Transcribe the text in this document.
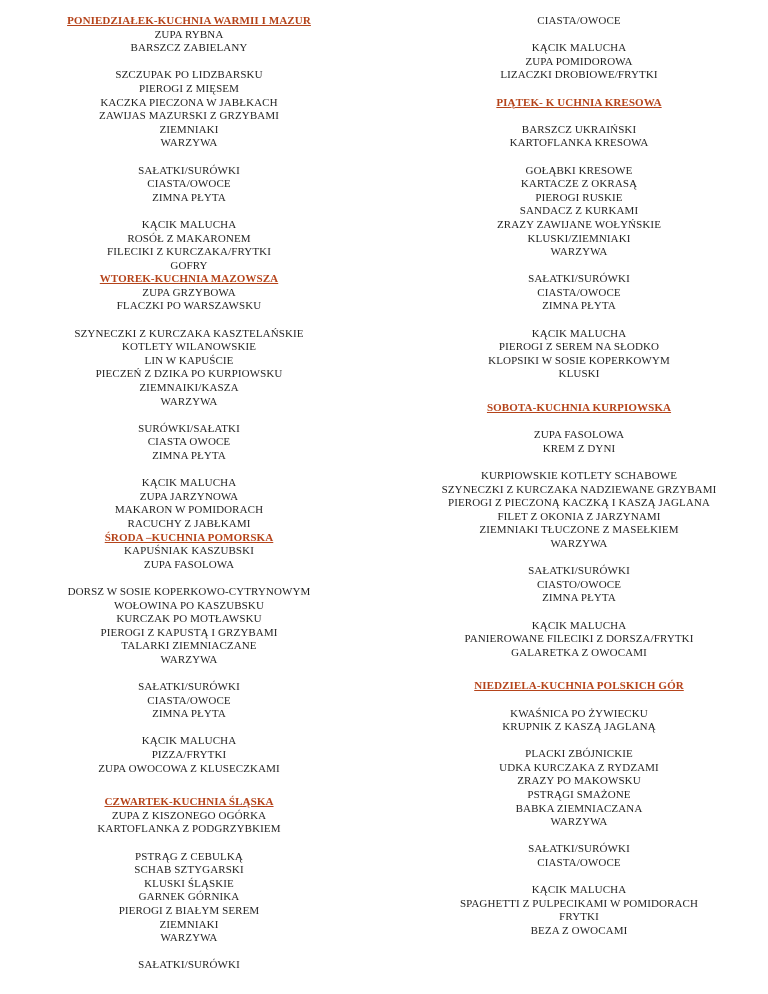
PONIEDZIAŁEK-KUCHNIA WARMII I MAZUR
ZUPA RYBNA
BARSZCZ ZABIELANY
SZCZUPAK PO LIDZBARSKU
PIEROGI Z MIĘSEM
KACZKA PIECZONA W JABŁKACH
ZAWIJAS MAZURSKI Z GRZYBAMI
ZIEMNIAKI
WARZYWA
SAŁATKI/SURÓWKI
CIASTA/OWOCE
ZIMNA PŁYTA
KĄCIK MALUCHA
ROSÓŁ Z MAKARONEM
FILECIKI Z KURCZAKA/FRYTKI
GOFRY
WTOREK-KUCHNIA MAZOWSZA
ZUPA GRZYBOWA
FLACZKI PO WARSZAWSKU
SZYNECZKI Z KURCZAKA KASZTELAŃSKIE
KOTLETY WILANOWSKIE
LIN W KAPUŚCIE
PIECZEŃ Z DZIKA PO KURPIOWSKU
ZIEMNAIKI/KASZA
WARZYWA
SURÓWKI/SAŁATKI
CIASTA OWOCE
ZIMNA PŁYTA
KĄCIK MALUCHA
ZUPA JARZYNOWA
MAKARON W POMIDORACH
RACUCHY Z JABŁKAMI
ŚRODA –KUCHNIA POMORSKA
KAPUŚNIAK KASZUBSKI
ZUPA FASOLOWA
DORSZ W SOSIE KOPERKOWO-CYTRYNOWYM
WOŁOWINA PO KASZUBSKU
KURCZAK PO MOTŁAWSKU
PIEROGI Z KAPUSTĄ I GRZYBAMI
TALARKI ZIEMNIACZANE
WARZYWA
SAŁATKI/SURÓWKI
CIASTA/OWOCE
ZIMNA PŁYTA
KĄCIK MALUCHA
PIZZA/FRYTKI
ZUPA OWOCOWA Z KLUSECZKAMI
CZWARTEK-KUCHNIA ŚLĄSKA
ZUPA Z KISZONEGO OGÓRKA
KARTOFLANKA Z PODGRZYBKIEM
PSTRĄG Z CEBULKĄ
SCHAB SZTYGARSKI
KLUSKI ŚLĄSKIE
GARNEK GÓRNIKA
PIEROGI Z BIAŁYM SEREM
ZIEMNIAKI
WARZYWA
SAŁATKI/SURÓWKI
CIASTA/OWOCE
KĄCIK MALUCHA
ZUPA POMIDOROWA
LIZACZKI DROBIOWE/FRYTKI
PIĄTEK- K UCHNIA KRESOWA
BARSZCZ UKRAIŃSKI
KARTOFLANKA KRESOWA
GOŁĄBKI KRESOWE
KARTACZE Z OKRASĄ
PIEROGI RUSKIE
SANDACZ Z KURKAMI
ZRAZY ZAWIJANE WOŁYŃSKIE
KLUSKI/ZIEMNIAKI
WARZYWA
SAŁATKI/SURÓWKI
CIASTA/OWOCE
ZIMNA PŁYTA
KĄCIK MALUCHA
PIEROGI Z SEREM NA SŁODKO
KLOPSIKI W SOSIE KOPERKOWYM
KLUSKI
SOBOTA-KUCHNIA KURPIOWSKA
ZUPA FASOLOWA
KREM Z DYNI
KURPIOWSKIE KOTLETY SCHABOWE
SZYNECZKI Z KURCZAKA NADZIEWANE GRZYBAMI
PIEROGI Z PIECZONĄ KACZKĄ I KASZĄ JAGLANA
FILET Z OKONIA Z JARZYNAMI
ZIEMNIAKI TŁUCZONE Z MASEŁKIEM
WARZYWA
SAŁATKI/SURÓWKI
CIASTO/OWOCE
ZIMNA PŁYTA
KĄCIK MALUCHA
PANIEROWANE FILECIKI Z DORSZA/FRYTKI
GALARETKA Z OWOCAMI
NIEDZIELA-KUCHNIA POLSKICH GÓR
KWAŚNICA PO ŻYWIECKU
KRUPNIK Z KASZĄ JAGLANĄ
PLACKI ZBÓJNICKIE
UDKA KURCZAKA Z RYDZAMI
ZRAZY PO MAKOWSKU
PSTRĄGI SMAŻONE
BABKA ZIEMNIACZANA
WARZYWA
SAŁATKI/SURÓWKI
CIASTA/OWOCE
KĄCIK MALUCHA
SPAGHETTI Z PULPECIKAMI W POMIDORACH
FRYTKI
BEZA Z OWOCAMI
